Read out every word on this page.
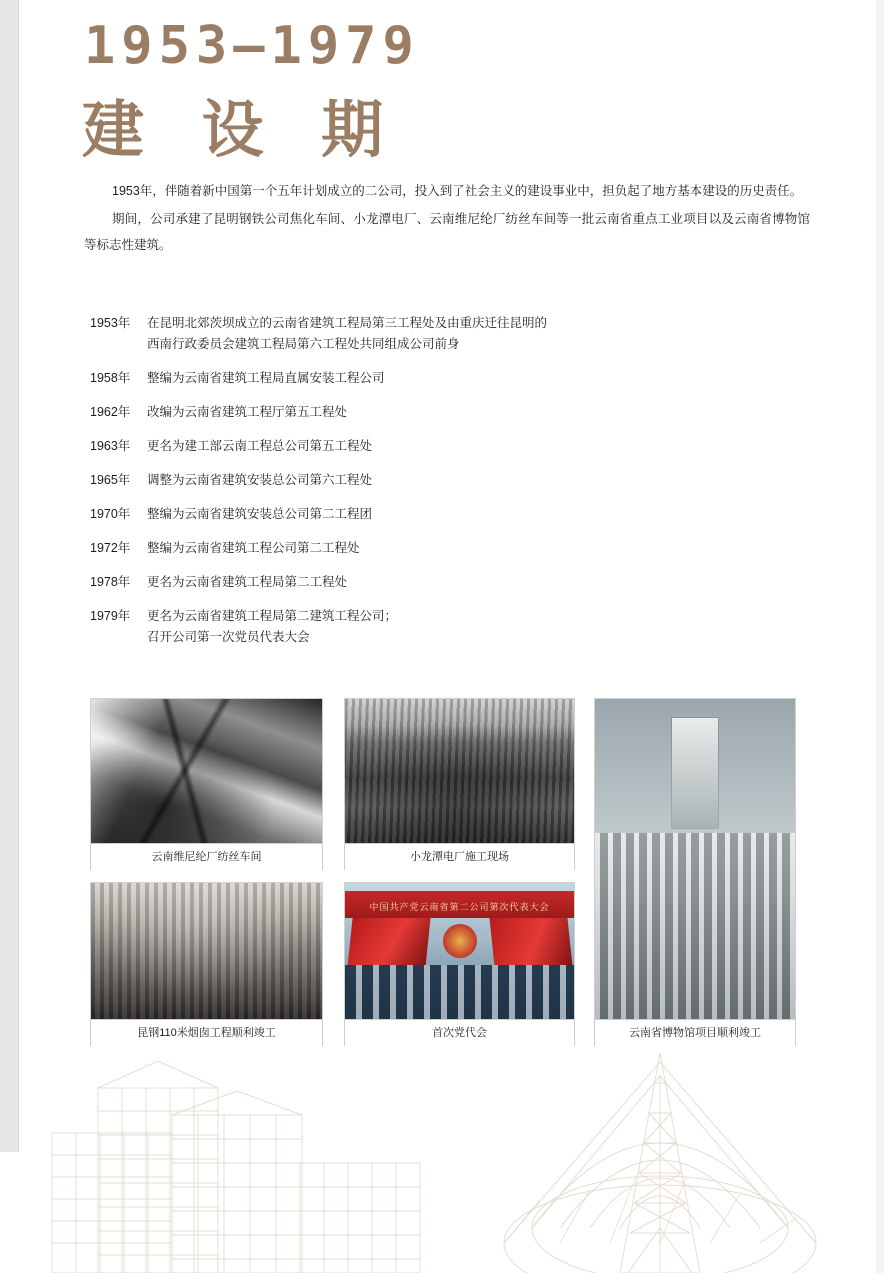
1953–1979
建 设 期

1953年，伴随着新中国第一个五年计划成立的二公司，投入到了社会主义的建设事业中，担负起了地方基本建设的历史责任。

期间，公司承建了昆明钢铁公司焦化车间、小龙潭电厂、云南维尼纶厂纺丝车间等一批云南省重点工业项目以及云南省博物馆等标志性建筑。

1953年	在昆明北郊茨坝成立的云南省建筑工程局第三工程处及由重庆迁往昆明的
西南行政委员会建筑工程局第六工程处共同组成公司前身
1958年	整编为云南省建筑工程局直属安装工程公司
1962年	改编为云南省建筑工程厅第五工程处
1963年	更名为建工部云南工程总公司第五工程处
1965年	调整为云南省建筑安装总公司第六工程处
1970年	整编为云南省建筑安装总公司第二工程团
1972年	整编为云南省建筑工程公司第二工程处
1978年	更名为云南省建筑工程局第二工程处
1979年	更名为云南省建筑工程局第二建筑工程公司；
召开公司第一次党员代表大会
云南维尼纶厂纺丝车间	小龙潭电厂施工现场
云南省博物馆项目顺利竣工
昆钢110米烟囱工程顺利竣工
中国共产党云南省第二公司第次代表大会
首次党代会
